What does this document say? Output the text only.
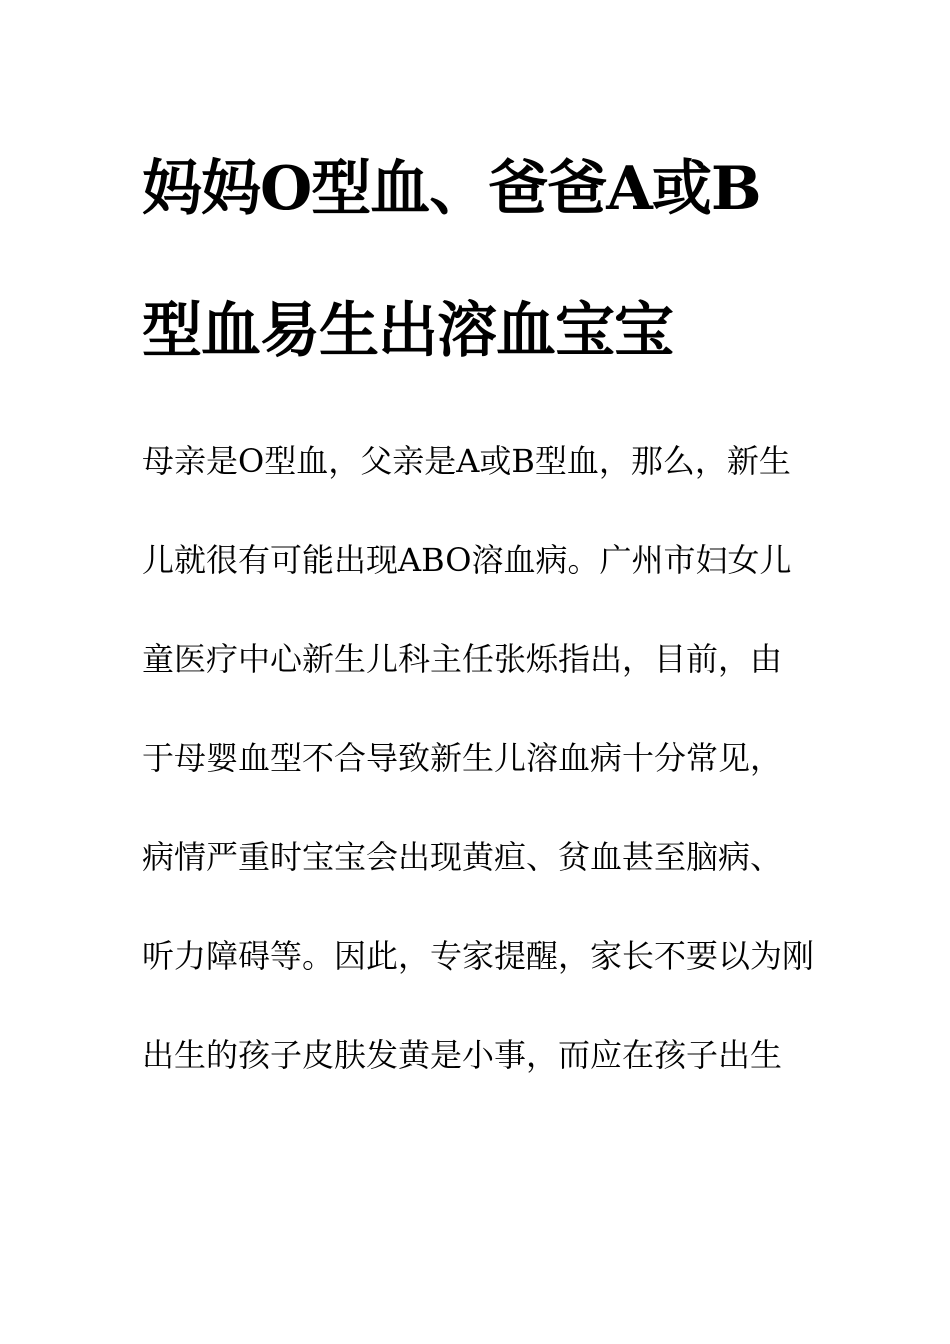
妈妈O型血、爸爸A或B
型血易生出溶血宝宝
母亲是O型血，父亲是A或B型血，那么，新生
儿就很有可能出现ABO溶血病。广州市妇女儿
童医疗中心新生儿科主任张烁指出，目前，由
于母婴血型不合导致新生儿溶血病十分常见，
病情严重时宝宝会出现黄疸、贫血甚至脑病、
听力障碍等。因此，专家提醒，家长不要以为刚
出生的孩子皮肤发黄是小事，而应在孩子出生
